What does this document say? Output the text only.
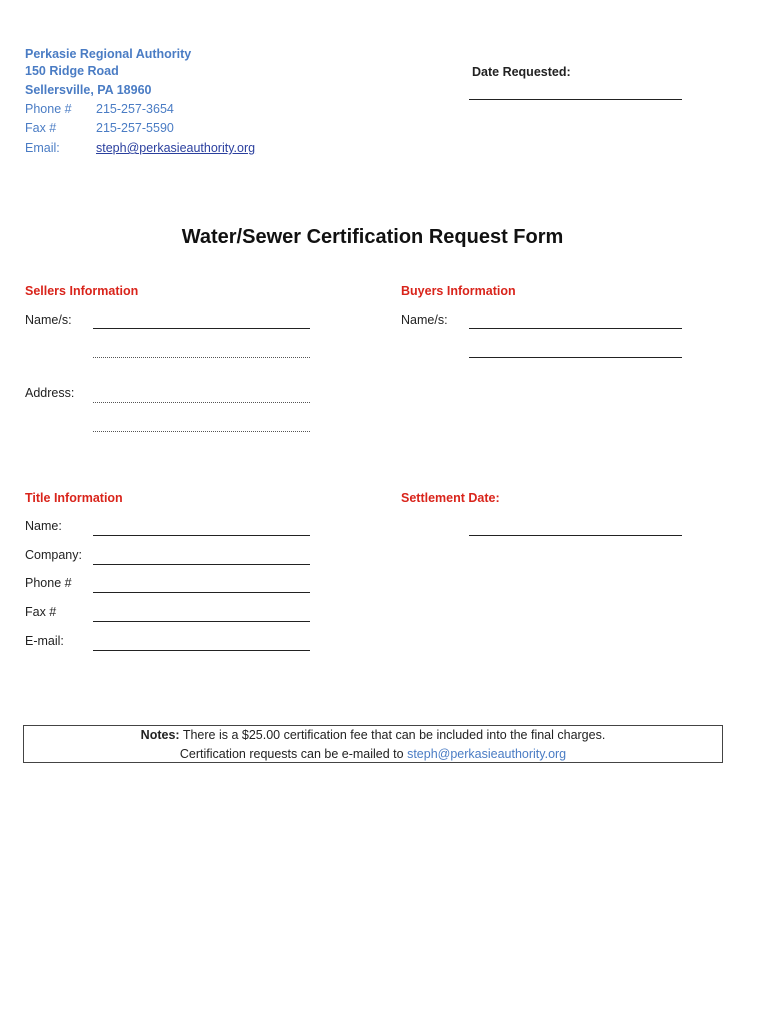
Perkasie Regional Authority
150 Ridge Road
Sellersville, PA 18960
Phone # 215-257-3654
Fax #	215-257-5590
Email:	steph@perkasieauthority.org
Date Requested:
Water/Sewer Certification Request Form
Sellers Information
Name/s:
Address:
Buyers Information
Name/s:
Title Information
Name:
Company:
Phone #
Fax #
E-mail:
Settlement Date:
Notes: There is a $25.00 certification fee that can be included into the final charges.
Certification requests can be e-mailed to steph@perkasieauthority.org
